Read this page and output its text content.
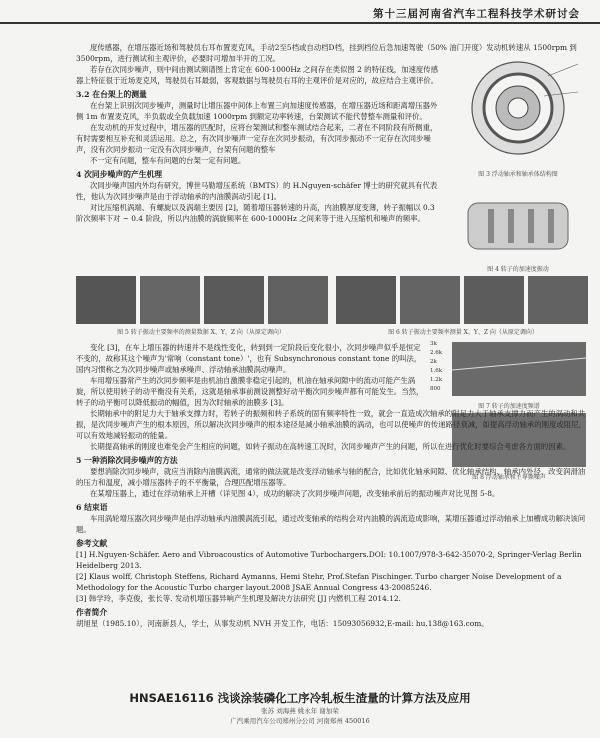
第十三届河南省汽车工程科技学术研讨会
图 3 浮动轴承和轴承体结构图
图 4 转子的加速度振动

度传感器，在增压器近场和驾驶员右耳布置麦克风，手动2至5档或自动档D档，挂到档位后急加速驾驶（50% 油门开度）发动机转速从 1500rpm 到 3500rpm，进行测试和主观评价，必要时可增加半开的工况。

若存在次同步噪声，则中间由测试频谱图上肯定在 600-1000Hz 之间存在类似图 2 的特征线，加速度传感器上特征很于近场麦克风，驾驶员右耳最弱，客观数据与驾驶员右耳的主观评价是对应的，故应结合主观评价。

3.2 在台架上的测量

在台架上识别次同步噪声，测量时让增压器中间体上布置三向加速度传感器，在增压器近场和距离增压器外侧 1m 布置麦克风，半负载或全负载加速 1000rpm 到额定功率转速，台架测试不能代替整车测量和评价。

在发动机的开发过程中，增压器的匹配时，应将台架测试和整车测试结合起来，二者在不同阶段有所侧重，有时需要相互补充和灵活运用。总之，有次同步噪声一定存在次同步振动，有次同步振动不一定存在次同步噪声，没有次同步振动一定没有次同步噪声，台架有问题的整车

不一定有问题，整车有问题的台架一定有问题。

4 次同步噪声的产生机理

次同步噪声国内外均有研究，博世马勒增压系统（BMTS）的 H.Nguyen-schäfer 博士的研究就具有代表性，他认为次同步噪声是由于浮动轴承的内油膜涡动引起 [1]。

对比压缩机涡端、有螺旋以及涡端主要因 [2]，随着增压器转速的升高，内油膜厚度变薄，转子振幅以 0.3 阶次频率下对 ~ 0.4 阶段，所以内油膜的涡旋频率在 600-1000Hz 之间来等于进入压缩机和噪声的频率。

图 5 转子振动主要频率的测量数据 X、Y、Z 向（从原定调向）	图 6 转子振动主要频率测量 X、Y、Z 向（从原定调向）
图 7 转子的加速度频谱
图 8 浮动轴承和主导频噪声
3k
2.6k
2k
1.6k
1.2k
800

变化 [3]，在车上增压器的转速并不是线性变化，转到到一定阶段后变化很小，次同步噪声似乎是恒定不变的，故称其这个噪声为'常响（constant tone）'，也有 Subsynchronous constant tone 的叫法，国内习惯称之为次同步噪声或轴承噪声、浮动轴承油膜涡动噪声。

车用增压器常产生的次同步频率是由机油自激膜非稳定引起的，机油在轴承间隙中的流动可能产生涡旋，所以使用转子的动平衡没有关系，这就是轴承事前测设测整好动平衡次同步噪声都有可能发生。当然，转子的动平衡可以降低振动的幅值，因为次时轴承的油膜多 [3]。

长期轴承中的附足力大于轴承支撑力时，若转子的振频和转子系统的固有频率特性一致，就会一直造成次轴承的附足力大于轴承支撑力而产生的涡动和共振，是次同步噪声产生的根本原因，所以解决次同步噪声的根本途径是减小轴承油膜的涡动，也可以使噪声的传递路径衰减，如提高浮动轴承的刚度或阻尼，可以有效地减轻振动的能量。

长期提高轴承的刚度也难免会产生相应的问题，如转子振动在高转速工况时，次同步噪声产生的问题，所以在进行优化时要综合考虑各方面的因素。

5 一种消除次同步噪声的方法

要想消除次同步噪声，就应当消除内油膜涡流，通常的做法就是改变浮动轴承与轴的配合，比如优化轴承间隙、优化轴承结构、轴承内外径、改变润滑油的压力和温度，减小增压器转子的不平衡量，合理匹配增压器等。

在某增压器上，通过在浮动轴承上开槽（详见图 4），成功的解决了次同步噪声问题，改变轴承前后的振动噪声对比见图 5-8。

6 结束语

车用涡轮增压器次同步噪声是由浮动轴承内油膜涡流引起，通过改变轴承的结构会对内油膜的涡流造成影响，某增压器通过浮动轴承上加槽成功解决该问题。

参考文献
[1] H.Nguyen-Schäfer. Aero and Vibroacoustics of Automotive Turbochargers.DOI: 10.1007/978-3-642-35070-2, Springer-Verlag Berlin Heidelberg 2013.
[2] Klaus wolff, Christoph Steffens, Richard Aymanns, Hemi Stehr, Prof.Stefan Pischinger. Turbo charger Noise Development of a Methodology for the Acoustic Turbo charger layout.2008 JSAE Annual Congress 43-20085246.
[3] 韩学玲，李克俊，张长等. 发动机增压器异响产生机理及解决方法研究 [J] 内燃机工程 2014.12.
作者简介
胡旭星（1985.10），河南新县人，学士，从事发动机 NVH 开发工作，电话：15093056932,E-mail: hu.138@163.com。
HNSAE16116 浅谈涂装磷化工序冷轧板生渣量的计算方法及应用
张苏 刘海燕 姚永年 谢加荣
广汽乘用汽车公司郑州分公司 河南郑州 450016
